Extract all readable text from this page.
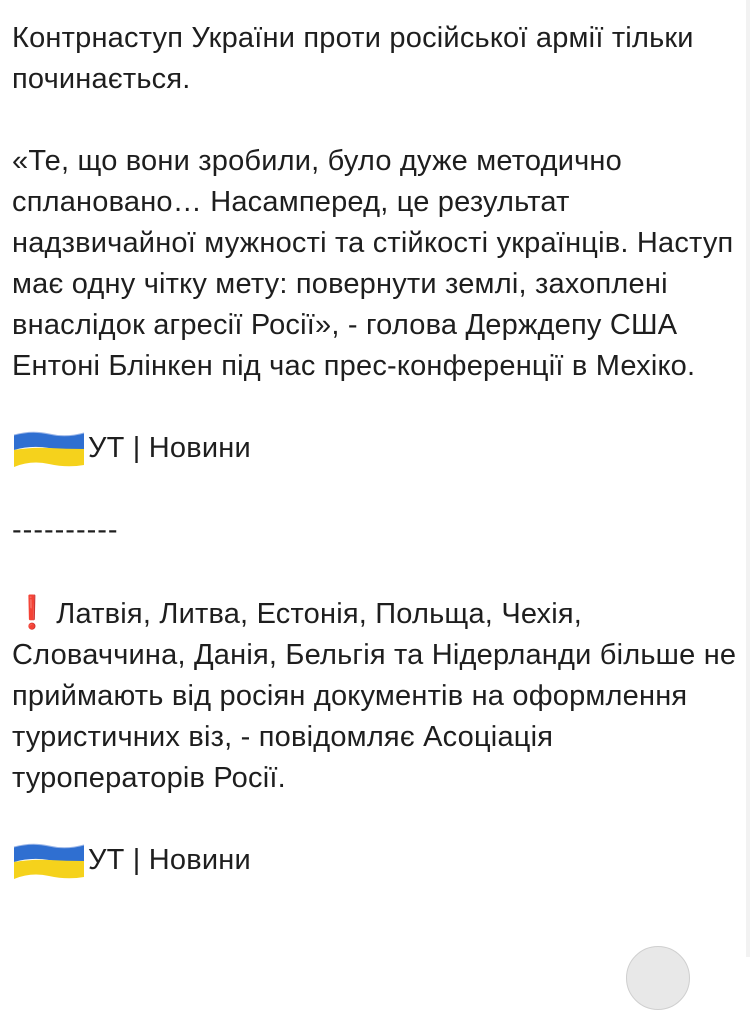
Контрнаступ України проти російської армії тільки починається.

«Те, що вони зробили, було дуже методично сплановано… Насамперед, це результат надзвичайної мужності та стійкості українців. Наступ має одну чітку мету: повернути землі, захоплені внаслідок агресії Росії», - голова Держдепу США Ентоні Блінкен під час прес-конференції в Мехіко.

УТ | Новини
----------

❗ Латвія, Литва, Естонія, Польща, Чехія, Словаччина, Данія, Бельгія та Нідерланди більше не приймають від росіян документів на оформлення туристичних віз, - повідомляє Асоціація туроператорів Росії.

УТ | Новини
